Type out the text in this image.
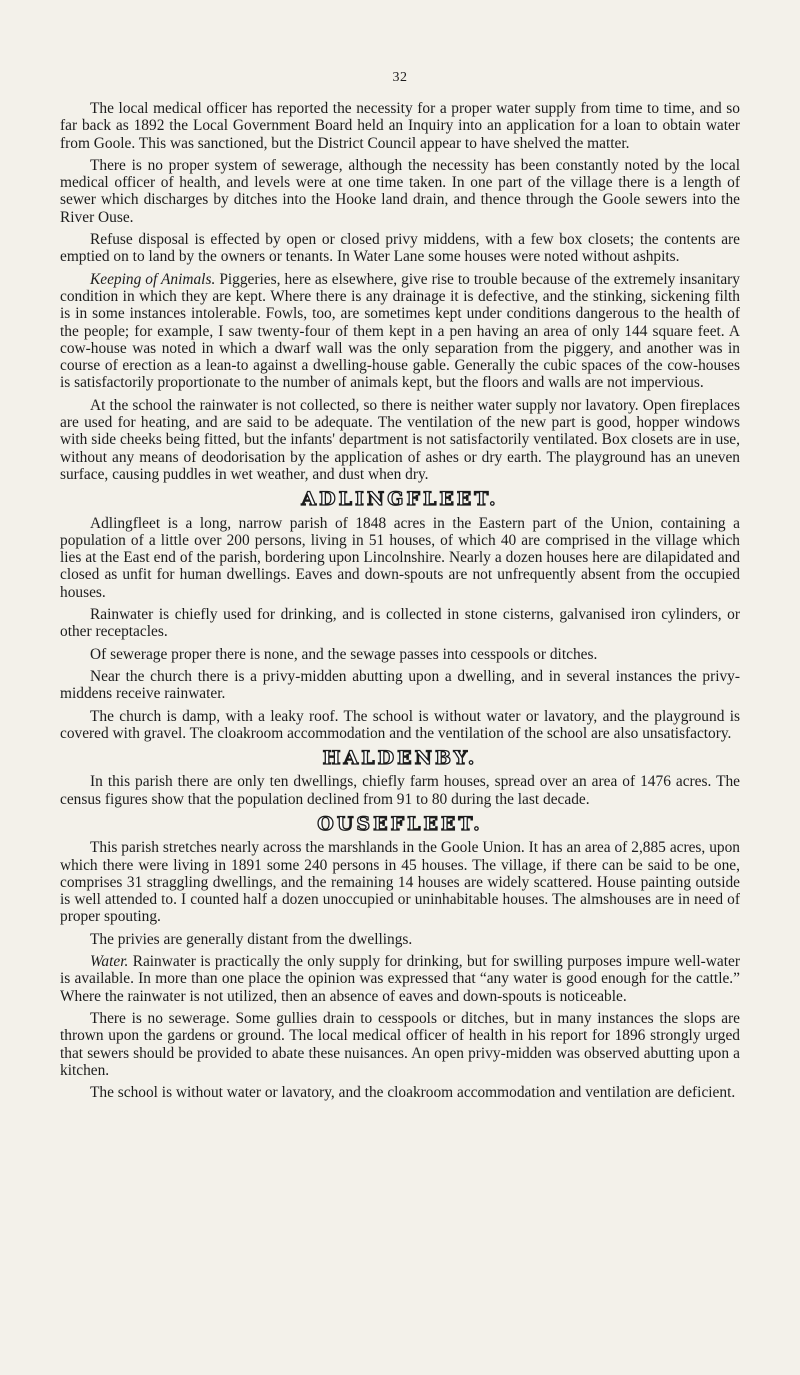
32

The local medical officer has reported the necessity for a proper water supply from time to time, and so far back as 1892 the Local Government Board held an Inquiry into an application for a loan to obtain water from Goole. This was sanctioned, but the District Council appear to have shelved the matter.

There is no proper system of sewerage, although the necessity has been constantly noted by the local medical officer of health, and levels were at one time taken. In one part of the village there is a length of sewer which discharges by ditches into the Hooke land drain, and thence through the Goole sewers into the River Ouse.

Refuse disposal is effected by open or closed privy middens, with a few box closets; the contents are emptied on to land by the owners or tenants. In Water Lane some houses were noted without ashpits.

Keeping of Animals. Piggeries, here as elsewhere, give rise to trouble because of the extremely insanitary condition in which they are kept. Where there is any drainage it is defective, and the stinking, sickening filth is in some instances intolerable. Fowls, too, are sometimes kept under conditions dangerous to the health of the people; for example, I saw twenty-four of them kept in a pen having an area of only 144 square feet. A cow-house was noted in which a dwarf wall was the only separation from the piggery, and another was in course of erection as a lean-to against a dwelling-house gable. Generally the cubic spaces of the cow-houses is satisfactorily proportionate to the number of animals kept, but the floors and walls are not impervious.

At the school the rainwater is not collected, so there is neither water supply nor lavatory. Open fireplaces are used for heating, and are said to be adequate. The ventilation of the new part is good, hopper windows with side cheeks being fitted, but the infants' department is not satisfactorily ventilated. Box closets are in use, without any means of deodorisation by the application of ashes or dry earth. The playground has an uneven surface, causing puddles in wet weather, and dust when dry.

ADLINGFLEET.

Adlingfleet is a long, narrow parish of 1848 acres in the Eastern part of the Union, containing a population of a little over 200 persons, living in 51 houses, of which 40 are comprised in the village which lies at the East end of the parish, bordering upon Lincolnshire. Nearly a dozen houses here are dilapidated and closed as unfit for human dwellings. Eaves and down-spouts are not unfrequently absent from the occupied houses.

Rainwater is chiefly used for drinking, and is collected in stone cisterns, galvanised iron cylinders, or other receptacles.

Of sewerage proper there is none, and the sewage passes into cesspools or ditches.

Near the church there is a privy-midden abutting upon a dwelling, and in several instances the privy-middens receive rainwater.

The church is damp, with a leaky roof. The school is without water or lavatory, and the playground is covered with gravel. The cloakroom accommodation and the ventilation of the school are also unsatisfactory.

HALDENBY.

In this parish there are only ten dwellings, chiefly farm houses, spread over an area of 1476 acres. The census figures show that the population declined from 91 to 80 during the last decade.

OUSEFLEET.

This parish stretches nearly across the marshlands in the Goole Union. It has an area of 2,885 acres, upon which there were living in 1891 some 240 persons in 45 houses. The village, if there can be said to be one, comprises 31 straggling dwellings, and the remaining 14 houses are widely scattered. House painting outside is well attended to. I counted half a dozen unoccupied or uninhabitable houses. The almshouses are in need of proper spouting.

The privies are generally distant from the dwellings.

Water. Rainwater is practically the only supply for drinking, but for swilling purposes impure well-water is available. In more than one place the opinion was expressed that “any water is good enough for the cattle.” Where the rainwater is not utilized, then an absence of eaves and down-spouts is noticeable.

There is no sewerage. Some gullies drain to cesspools or ditches, but in many instances the slops are thrown upon the gardens or ground. The local medical officer of health in his report for 1896 strongly urged that sewers should be provided to abate these nuisances. An open privy-midden was observed abutting upon a kitchen.

The school is without water or lavatory, and the cloakroom accommodation and ventilation are deficient.
